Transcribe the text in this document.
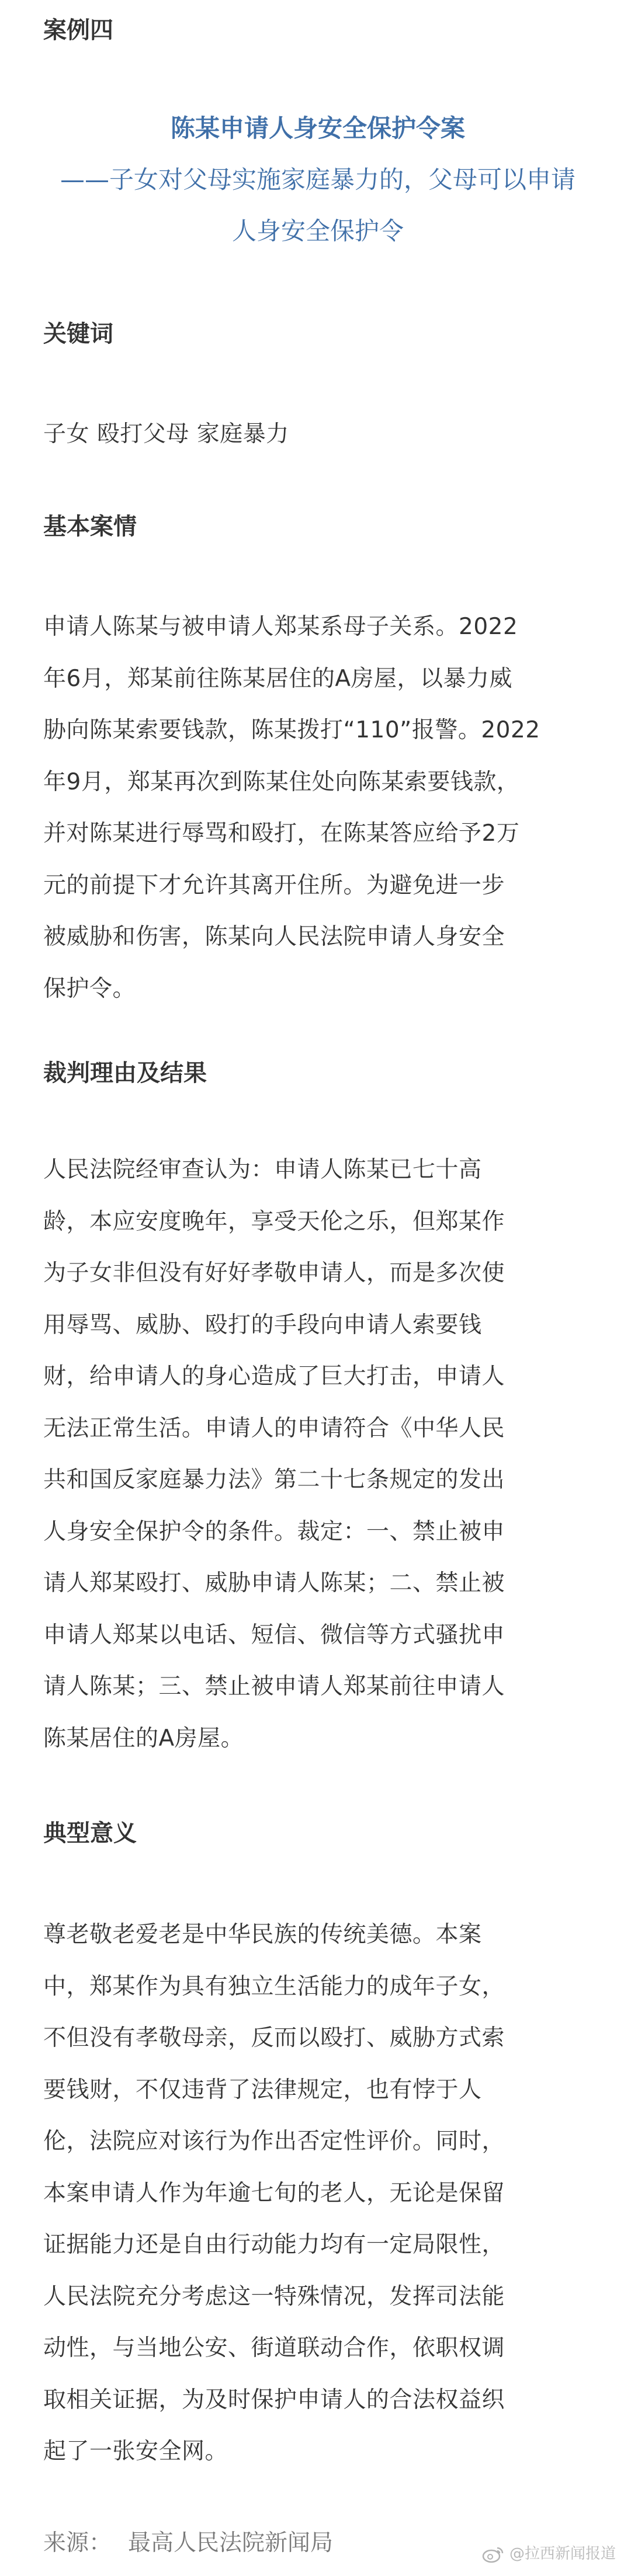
案例四
陈某申请人身安全保护令案
——子女对父母实施家庭暴力的，父母可以申请
人身安全保护令
关键词
子女 殴打父母 家庭暴力
基本案情
申请人陈某与被申请人郑某系母子关系。2022
年6月，郑某前往陈某居住的A房屋，以暴力威
胁向陈某索要钱款，陈某拨打“110”报警。2022
年9月，郑某再次到陈某住处向陈某索要钱款，
并对陈某进行辱骂和殴打，在陈某答应给予2万
元的前提下才允许其离开住所。为避免进一步
被威胁和伤害，陈某向人民法院申请人身安全
保护令。
裁判理由及结果
人民法院经审查认为：申请人陈某已七十高
龄，本应安度晚年，享受天伦之乐，但郑某作
为子女非但没有好好孝敬申请人，而是多次使
用辱骂、威胁、殴打的手段向申请人索要钱
财，给申请人的身心造成了巨大打击，申请人
无法正常生活。申请人的申请符合《中华人民
共和国反家庭暴力法》第二十七条规定的发出
人身安全保护令的条件。裁定：一、禁止被申
请人郑某殴打、威胁申请人陈某；二、禁止被
申请人郑某以电话、短信、微信等方式骚扰申
请人陈某；三、禁止被申请人郑某前往申请人
陈某居住的A房屋。
典型意义
尊老敬老爱老是中华民族的传统美德。本案
中，郑某作为具有独立生活能力的成年子女，
不但没有孝敬母亲，反而以殴打、威胁方式索
要钱财，不仅违背了法律规定，也有悖于人
伦，法院应对该行为作出否定性评价。同时，
本案申请人作为年逾七旬的老人，无论是保留
证据能力还是自由行动能力均有一定局限性，
人民法院充分考虑这一特殊情况，发挥司法能
动性，与当地公安、街道联动合作，依职权调
取相关证据，为及时保护申请人的合法权益织
起了一张安全网。
来源： 最高人民法院新闻局	@拉西新闻报道
